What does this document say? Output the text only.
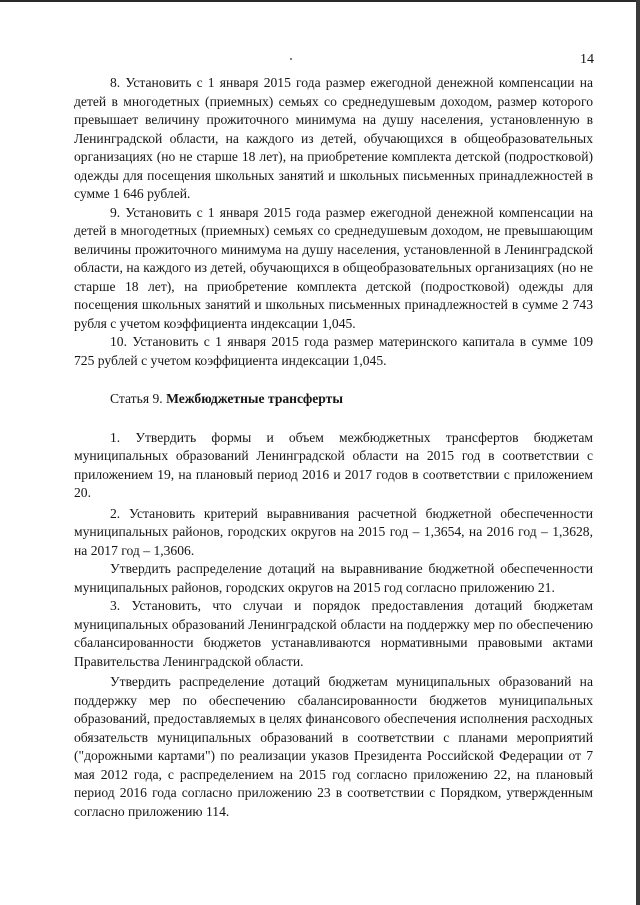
14

8. Установить с 1 января 2015 года размер ежегодной денежной компенсации на детей в многодетных (приемных) семьях со среднедушевым доходом, размер которого превышает величину прожиточного минимума на душу населения, установленную в Ленинградской области, на каждого из детей, обучающихся в общеобразовательных организациях (но не старше 18 лет), на приобретение комплекта детской (подростковой) одежды для посещения школьных занятий и школьных письменных принадлежностей в сумме 1 646 рублей.

9. Установить с 1 января 2015 года размер ежегодной денежной компенсации на детей в многодетных (приемных) семьях со среднедушевым доходом, не превышающим величины прожиточного минимума на душу населения, установленной в Ленинградской области, на каждого из детей, обучающихся в общеобразовательных организациях (но не старше 18 лет), на приобретение комплекта детской (подростковой) одежды для посещения школьных занятий и школьных письменных принадлежностей в сумме 2 743 рубля с учетом коэффициента индексации 1,045.

10. Установить с 1 января 2015 года размер материнского капитала в сумме 109 725 рублей с учетом коэффициента индексации 1,045.

Статья 9. Межбюджетные трансферты

1. Утвердить формы и объем межбюджетных трансфертов бюджетам муниципальных образований Ленинградской области на 2015 год в соответствии с приложением 19, на плановый период 2016 и 2017 годов в соответствии с приложением 20.

2. Установить критерий выравнивания расчетной бюджетной обеспеченности муниципальных районов, городских округов на 2015 год – 1,3654, на 2016 год – 1,3628, на 2017 год – 1,3606.

Утвердить распределение дотаций на выравнивание бюджетной обеспеченности муниципальных районов, городских округов на 2015 год согласно приложению 21.

3. Установить, что случаи и порядок предоставления дотаций бюджетам муниципальных образований Ленинградской области на поддержку мер по обеспечению сбалансированности бюджетов устанавливаются нормативными правовыми актами Правительства Ленинградской области.

Утвердить распределение дотаций бюджетам муниципальных образований на поддержку мер по обеспечению сбалансированности бюджетов муниципальных образований, предоставляемых в целях финансового обеспечения исполнения расходных обязательств муниципальных образований в соответствии с планами мероприятий ("дорожными картами") по реализации указов Президента Российской Федерации от 7 мая 2012 года, с распределением на 2015 год согласно приложению 22, на плановый период 2016 года согласно приложению 23 в соответствии с Порядком, утвержденным согласно приложению 114.
